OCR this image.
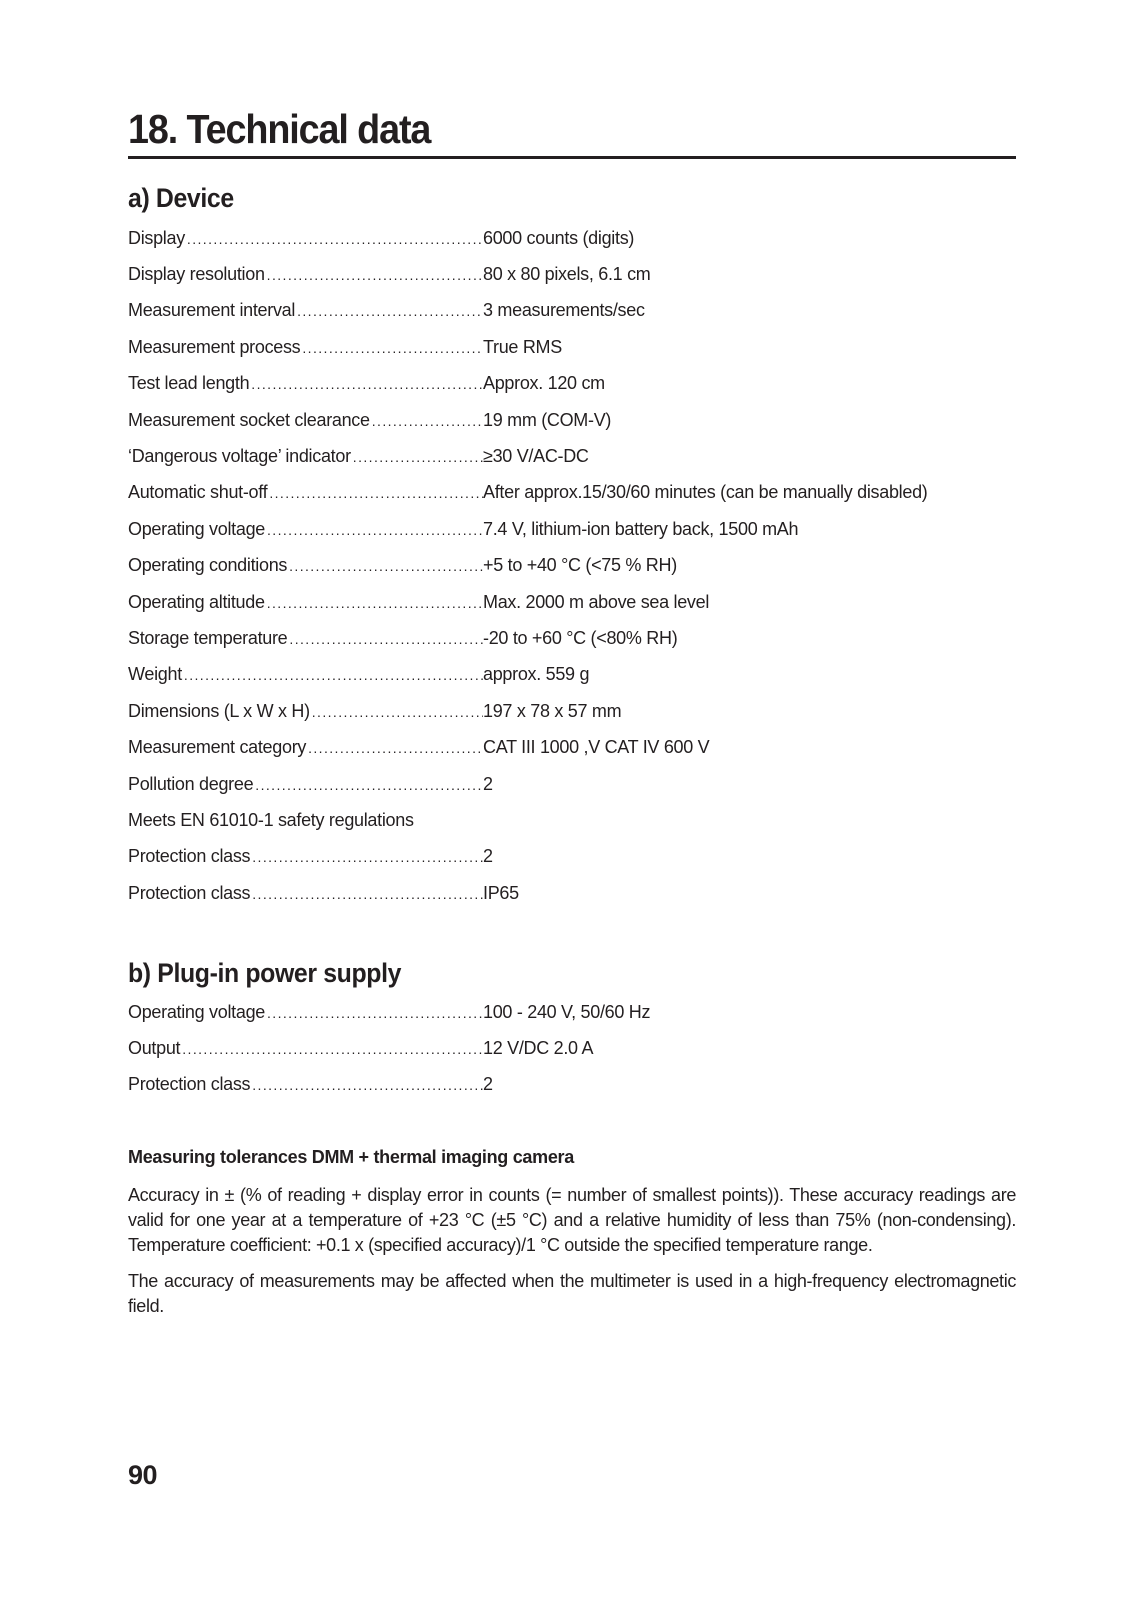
18. Technical data
a) Device
Display .....	6000 counts (digits)
Display resolution .....	80 x 80 pixels, 6.1 cm
Measurement interval .....	3 measurements/sec
Measurement process .....	True RMS
Test lead length .....	Approx. 120 cm
Measurement socket clearance .....	19 mm (COM-V)
‘Dangerous voltage’ indicator .....	≥30 V/AC-DC
Automatic shut-off .....	After approx.15/30/60 minutes (can be manually disabled)
Operating voltage .....	7.4 V, lithium-ion battery back, 1500 mAh
Operating conditions .....	+5 to +40 °C (<75 % RH)
Operating altitude .....	Max. 2000 m above sea level
Storage temperature .....	-20 to +60 °C (<80% RH)
Weight .....	approx. 559 g
Dimensions (L x W x H) .....	197 x 78 x 57 mm
Measurement category .....	CAT III 1000 ,V CAT IV 600 V
Pollution degree .....	2
Meets EN 61010-1 safety regulations
Protection class .....	2
Protection class .....	IP65
b) Plug-in power supply
Operating voltage .....	100 - 240 V, 50/60 Hz
Output .....	12 V/DC 2.0 A
Protection class .....	2
Measuring tolerances DMM + thermal imaging camera

Accuracy in ± (% of reading + display error in counts (= number of smallest points)). These accuracy readings are valid for one year at a temperature of +23 °C (±5 °C) and a relative humidity of less than 75% (non-condensing). Temperature coefficient: +0.1 x (specified accuracy)/1 °C outside the specified temperature range.

The accuracy of measurements may be affected when the multimeter is used in a high-frequency electromagnetic field.

90
